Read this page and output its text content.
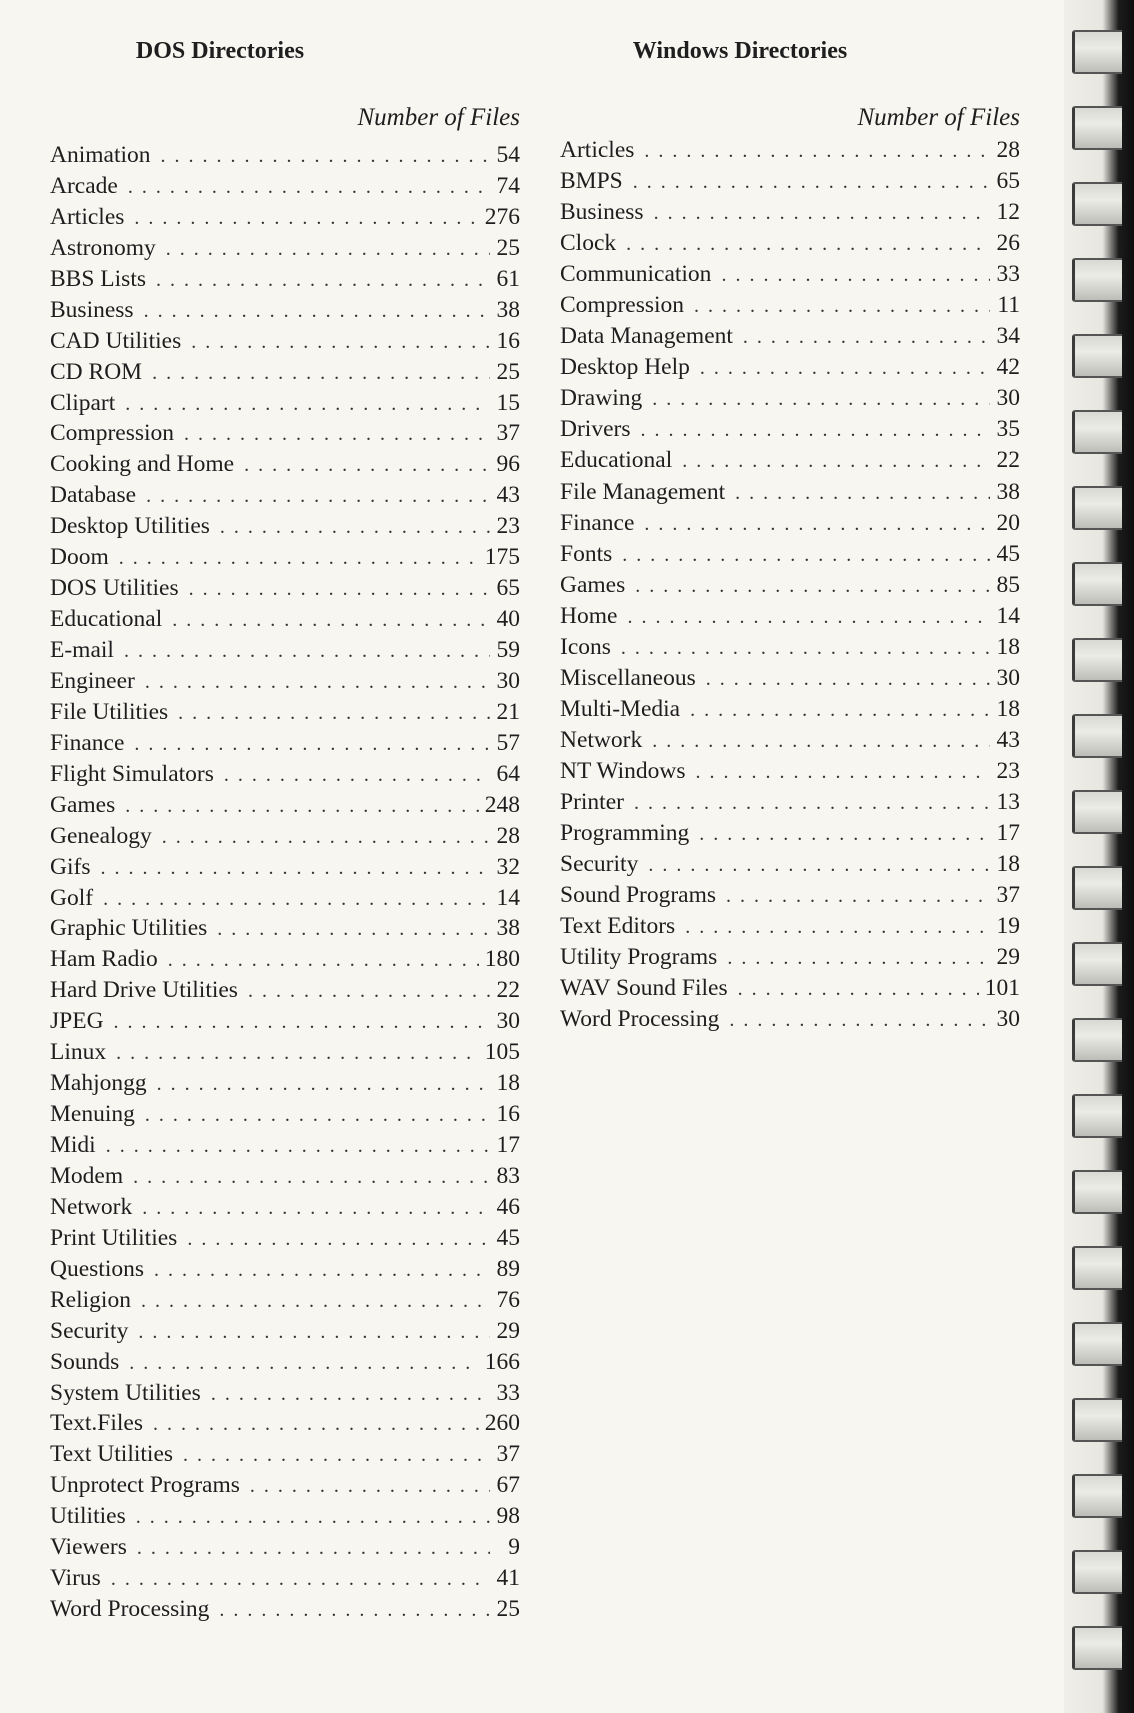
DOS Directories
Number of Files
Animation . . .	54
Arcade . . .	74
Articles . . .	276
Astronomy . . .	25
BBS Lists . . .	61
Business . . .	38
CAD Utilities . . .	16
CD ROM . . .	25
Clipart . . .	15
Compression . . .	37
Cooking and Home . . .	96
Database . . .	43
Desktop Utilities . . .	23
Doom . . .	175
DOS Utilities . . .	65
Educational . . .	40
E-mail . . .	59
Engineer . . .	30
File Utilities . . .	21
Finance . . .	57
Flight Simulators . . .	64
Games . . .	248
Genealogy . . .	28
Gifs . . .	32
Golf . . .	14
Graphic Utilities . . .	38
Ham Radio . . .	180
Hard Drive Utilities . . .	22
JPEG . . .	30
Linux . . .	105
Mahjongg . . .	18
Menuing . . .	16
Midi . . .	17
Modem . . .	83
Network . . .	46
Print Utilities . . .	45
Questions . . .	89
Religion . . .	76
Security . . .	29
Sounds . . .	166
System Utilities . . .	33
Text.Files . . .	260
Text Utilities . . .	37
Unprotect Programs . . .	67
Utilities . . .	98
Viewers . . .	9
Virus . . .	41
Word Processing . . .	25
Windows Directories
Number of Files
Articles . . .	28
BMPS . . .	65
Business . . .	12
Clock . . .	26
Communication . . .	33
Compression . . .	11
Data Management . . .	34
Desktop Help . . .	42
Drawing . . .	30
Drivers . . .	35
Educational . . .	22
File Management . . .	38
Finance . . .	20
Fonts . . .	45
Games . . .	85
Home . . .	14
Icons . . .	18
Miscellaneous . . .	30
Multi-Media . . .	18
Network . . .	43
NT Windows . . .	23
Printer . . .	13
Programming . . .	17
Security . . .	18
Sound Programs . . .	37
Text Editors . . .	19
Utility Programs . . .	29
WAV Sound Files . . .	101
Word Processing . . .	30
